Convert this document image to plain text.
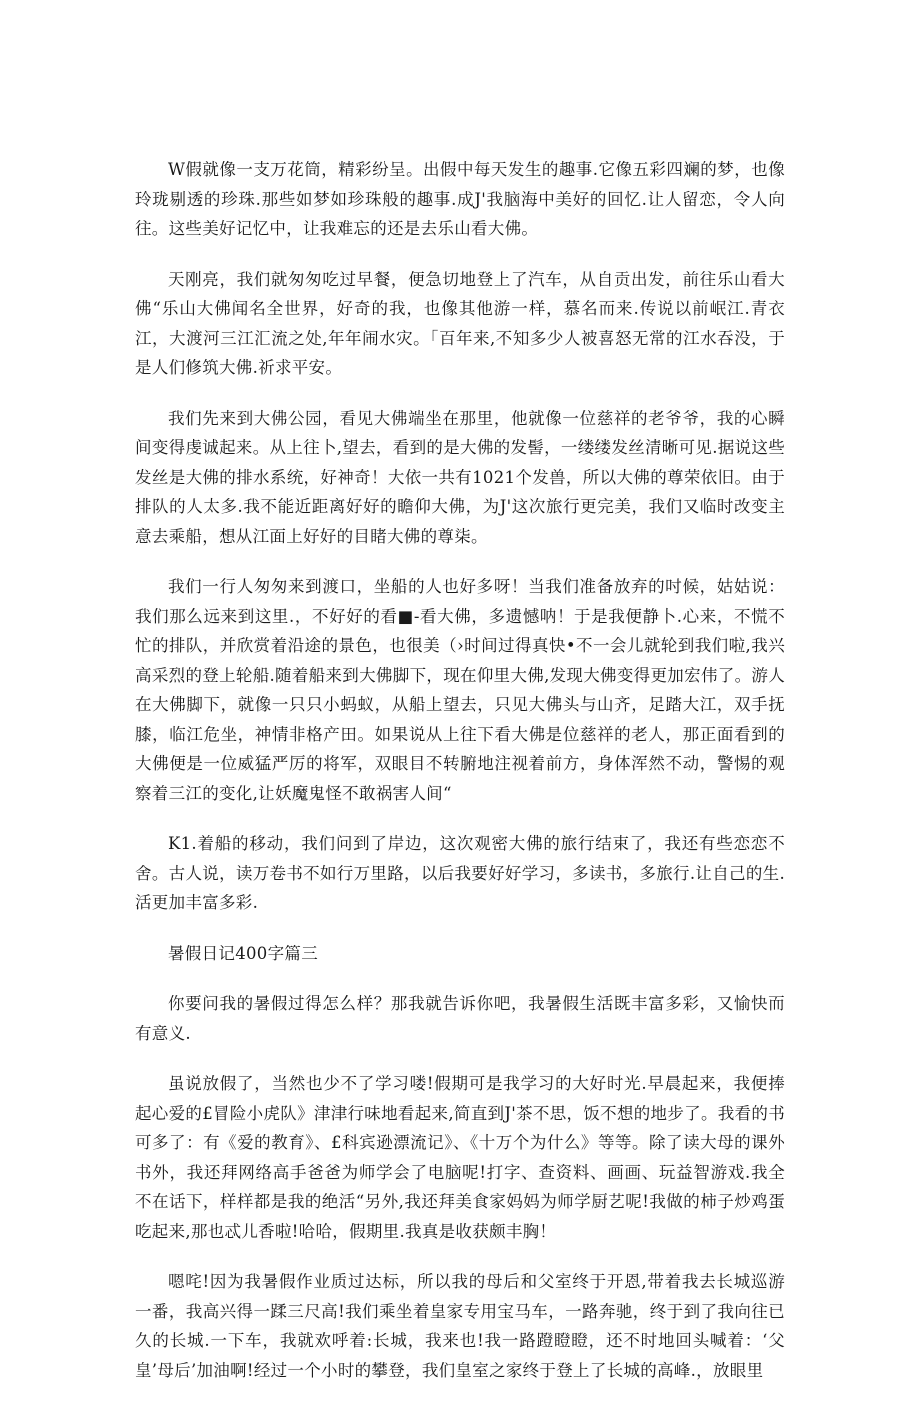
W假就像一支万花筒，精彩纷呈。出假中每天发生的趣事.它像五彩四斓的梦，也像玲珑剔透的珍珠.那些如梦如珍珠般的趣事.成J'我脑海中美好的回忆.让人留恋，令人向往。这些美好记忆中，让我难忘的还是去乐山看大佛。

天刚亮，我们就匆匆吃过早餐，便急切地登上了汽车，从自贡出发，前往乐山看大佛“乐山大佛闻名全世界，好奇的我，也像其他游一样，慕名而来.传说以前岷江.青衣江，大渡河三江汇流之处,年年闹水灾。「百年来,不知多少人被喜怒无常的江水吞没，于是人们修筑大佛.祈求平安。

我们先来到大佛公园，看见大佛端坐在那里，他就像一位慈祥的老爷爷，我的心瞬间变得虔诚起来。从上往卜,望去，看到的是大佛的发髻，一缕缕发丝清晰可见.据说这些发丝是大佛的排水系统，好神奇！大依一共有1021个发兽，所以大佛的尊荣依旧。由于排队的人太多.我不能近距离好好的瞻仰大佛，为J'这次旅行更完美，我们又临时改变主意去乘船，想从江面上好好的目睹大佛的尊柒。

我们一行人匆匆来到渡口，坐船的人也好多呀！当我们准备放弃的吋候，姑姑说：我们那么远来到这里.，不好好的看■-看大佛，多遗憾呐！于是我便静卜.心来，不慌不忙的排队，并欣赏着沿途的景色，也很美（›时间过得真快•不一会儿就轮到我们啦,我兴高采烈的登上轮船.随着船来到大佛脚下，现在仰里大佛,发现大佛变得更加宏伟了。游人在大佛脚下，就像一只只小蚂蚁，从船上望去，只见大佛头与山齐，足踏大江，双手抚膝，临江危坐，神情非格产田。如果说从上往下看大佛是位慈祥的老人，那正面看到的大佛便是一位威猛严厉的将军，双眼目不转腑地注视着前方，身体浑然不动，警惕的观察着三江的变化,让妖魔鬼怪不敢祸害人间“

K1.着船的移动，我们问到了岸边，这次观密大佛的旅行结束了，我还有些恋恋不舍。古人说，读万卷书不如行万里路，以后我要好好学习，多读书，多旅行.让自己的生.活更加丰富多彩.

暑假日记400字篇三

你要问我的暑假过得怎么样？那我就告诉你吧，我暑假生活既丰富多彩，又愉快而有意义.

虽说放假了，当然也少不了学习喽!假期可是我学习的大好时光.早晨起来，我便捧起心爱的£冒险小虎队》津津行味地看起来,简直到J'茶不思，饭不想的地步了。我看的书可多了：有《爱的教育》、£科宾逊漂流记》、《十万个为什么》等等。除了读大母的课外书外，我还拜网络高手爸爸为师学会了电脑呢!打字、查资料、画画、玩益智游戏.我全不在话下，样样都是我的绝活“另外,我还拜美食家妈妈为师学厨艺呢!我做的柿子炒鸡蛋吃起来,那也忒儿香啦!哈哈，假期里.我真是收获颇丰胸！

嗯咤!因为我暑假作业质过达标，所以我的母后和父室终于开恩,带着我去长城巡游一番，我高兴得一蹂三尺高!我们乘坐着皇家专用宝马车，一路奔驰，终于到了我向往已久的长城.一下车，我就欢呼着:长城，我来也!我一路蹬瞪瞪，还不时地回头喊着：‘父皇’母后’加油啊!经过一个小时的攀登，我们皇室之家终于登上了长城的高峰.，放眼里
